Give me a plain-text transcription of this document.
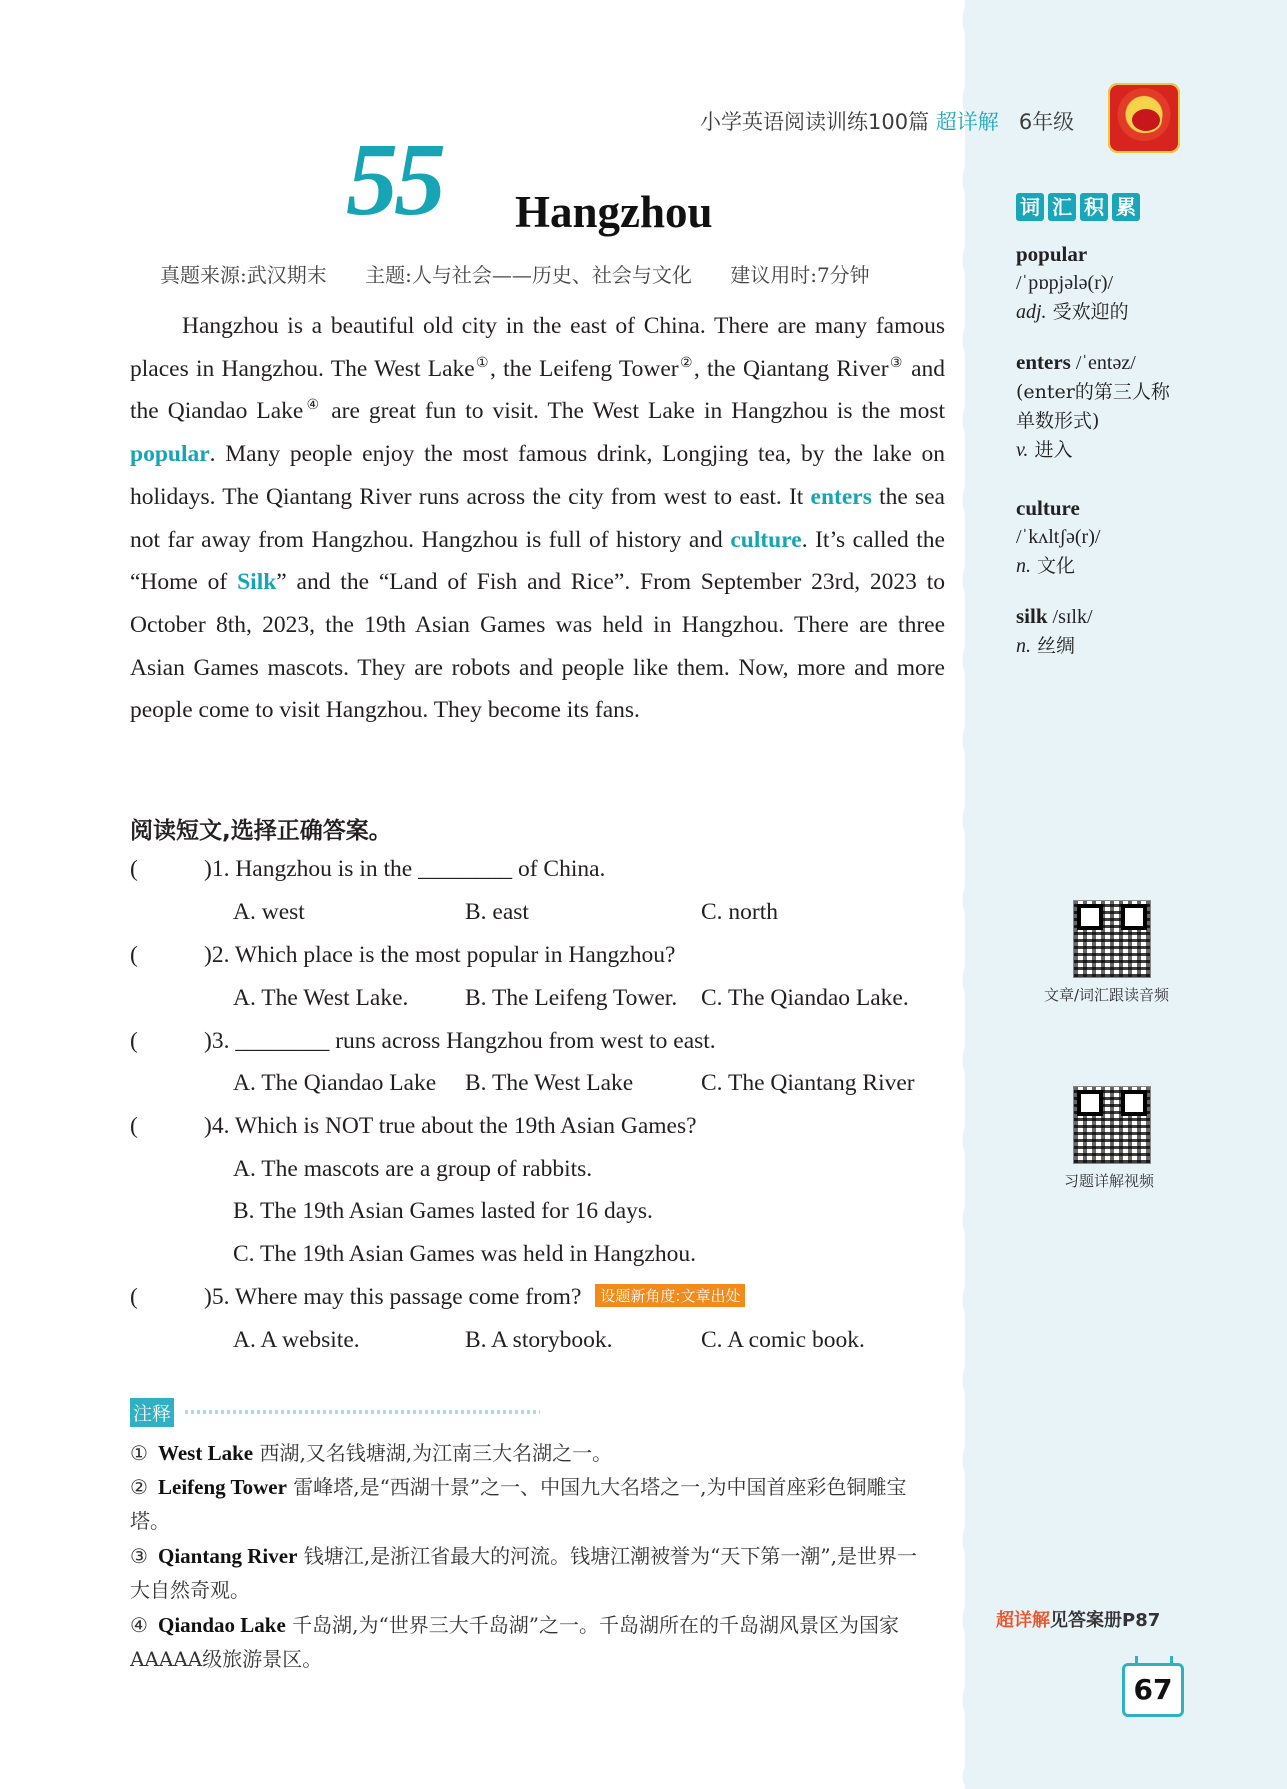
小学英语阅读训练100篇 超详解 6年级
55 Hangzhou
真题来源:武汉期末 主题:人与社会——历史、社会与文化 建议用时:7分钟

Hangzhou is a beautiful old city in the east of China. There are many famous places in Hangzhou. The West Lake①, the Leifeng Tower②, the Qiantang River③ and the Qiandao Lake④ are great fun to visit. The West Lake in Hangzhou is the most popular. Many people enjoy the most famous drink, Longjing tea, by the lake on holidays. The Qiantang River runs across the city from west to east. It enters the sea not far away from Hangzhou. Hangzhou is full of history and culture. It’s called the “Home of Silk” and the “Land of Fish and Rice”. From September 23rd, 2023 to October 8th, 2023, the 19th Asian Games was held in Hangzhou. There are three Asian Games mascots. They are robots and people like them. Now, more and more people come to visit Hangzhou. They become its fans.

阅读短文,选择正确答案。
(	)1. Hangzhou is in the ________ of China.
A. west	B. east	C. north
(	)2. Which place is the most popular in Hangzhou?
A. The West Lake. B. The Leifeng Tower. C. The Qiandao Lake.
(	)3. ________ runs across Hangzhou from west to east.
A. The Qiandao Lake B. The West Lake	C. The Qiantang River
(	)4. Which is NOT true about the 19th Asian Games?
A. The mascots are a group of rabbits.
B. The 19th Asian Games lasted for 16 days.
C. The 19th Asian Games was held in Hangzhou.
(	)5. Where may this passage come from? 设题新角度:文章出处
A. A website.	B. A storybook.	C. A comic book.
注释
① West Lake 西湖,又名钱塘湖,为江南三大名湖之一。
② Leifeng Tower 雷峰塔,是“西湖十景”之一、中国九大名塔之一,为中国首座彩色铜雕宝塔。
③ Qiantang River 钱塘江,是浙江省最大的河流。钱塘江潮被誉为“天下第一潮”,是世界一大自然奇观。
④ Qiandao Lake 千岛湖,为“世界三大千岛湖”之一。千岛湖所在的千岛湖风景区为国家AAAAA级旅游景区。
词 汇 积 累
popular
/ˈpɒpjələ(r)/
adj. 受欢迎的
enters /ˈentəz/
(enter的第三人称单数形式)
v. 进入
culture
/ˈkʌltʃə(r)/
n. 文化
silk /sɪlk/
n. 丝绸
文章/词汇跟读音频
习题详解视频
超详解见答案册P87
67
